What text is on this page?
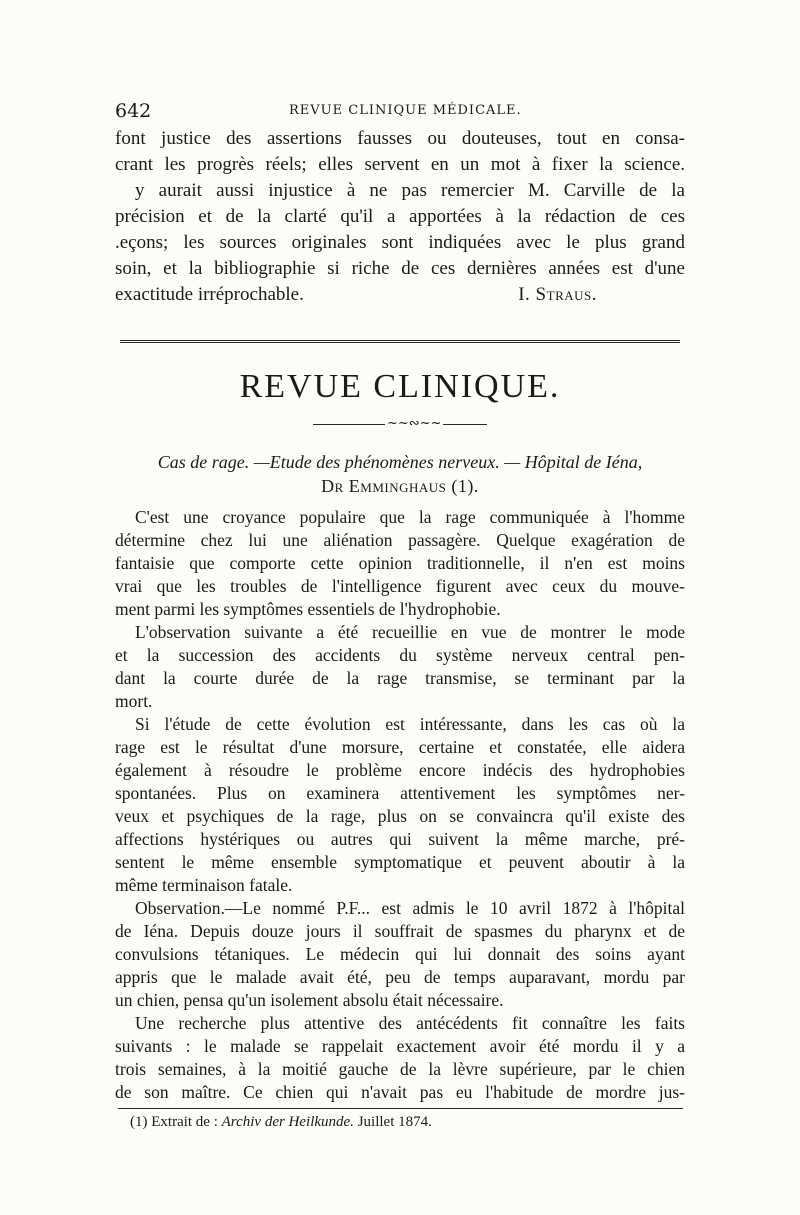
642	REVUE CLINIQUE MÉDICALE.
font justice des assertions fausses ou douteuses, tout en consa-
crant les progrès réels; elles servent en un mot à fixer la science.
y aurait aussi injustice à ne pas remercier M. Carville de la
précision et de la clarté qu'il a apportées à la rédaction de ces
.eçons; les sources originales sont indiquées avec le plus grand
soin, et la bibliographie si riche de ces dernières années est d'une
exactitude irréprochable.	I. Straus.
REVUE CLINIQUE.
~~∾~~
Cas de rage. —Etude des phénomènes nerveux. — Hôpital de Iéna,
Dr Emminghaus (1).
C'est une croyance populaire que la rage communiquée à l'homme
détermine chez lui une aliénation passagère. Quelque exagération de
fantaisie que comporte cette opinion traditionnelle, il n'en est moins
vrai que les troubles de l'intelligence figurent avec ceux du mouve-
ment parmi les symptômes essentiels de l'hydrophobie.
L'observation suivante a été recueillie en vue de montrer le mode
et la succession des accidents du système nerveux central pen-
dant la courte durée de la rage transmise, se terminant par la
mort.
Si l'étude de cette évolution est intéressante, dans les cas où la
rage est le résultat d'une morsure, certaine et constatée, elle aidera
également à résoudre le problème encore indécis des hydrophobies
spontanées. Plus on examinera attentivement les symptômes ner-
veux et psychiques de la rage, plus on se convaincra qu'il existe des
affections hystériques ou autres qui suivent la même marche, pré-
sentent le même ensemble symptomatique et peuvent aboutir à la
même terminaison fatale.
Observation.—Le nommé P.F... est admis le 10 avril 1872 à l'hôpital
de Iéna. Depuis douze jours il souffrait de spasmes du pharynx et de
convulsions tétaniques. Le médecin qui lui donnait des soins ayant
appris que le malade avait été, peu de temps auparavant, mordu par
un chien, pensa qu'un isolement absolu était nécessaire.
Une recherche plus attentive des antécédents fit connaître les faits
suivants : le malade se rappelait exactement avoir été mordu il y a
trois semaines, à la moitié gauche de la lèvre supérieure, par le chien
de son maître. Ce chien qui n'avait pas eu l'habitude de mordre jus-
(1) Extrait de : Archiv der Heilkunde. Juillet 1874.
